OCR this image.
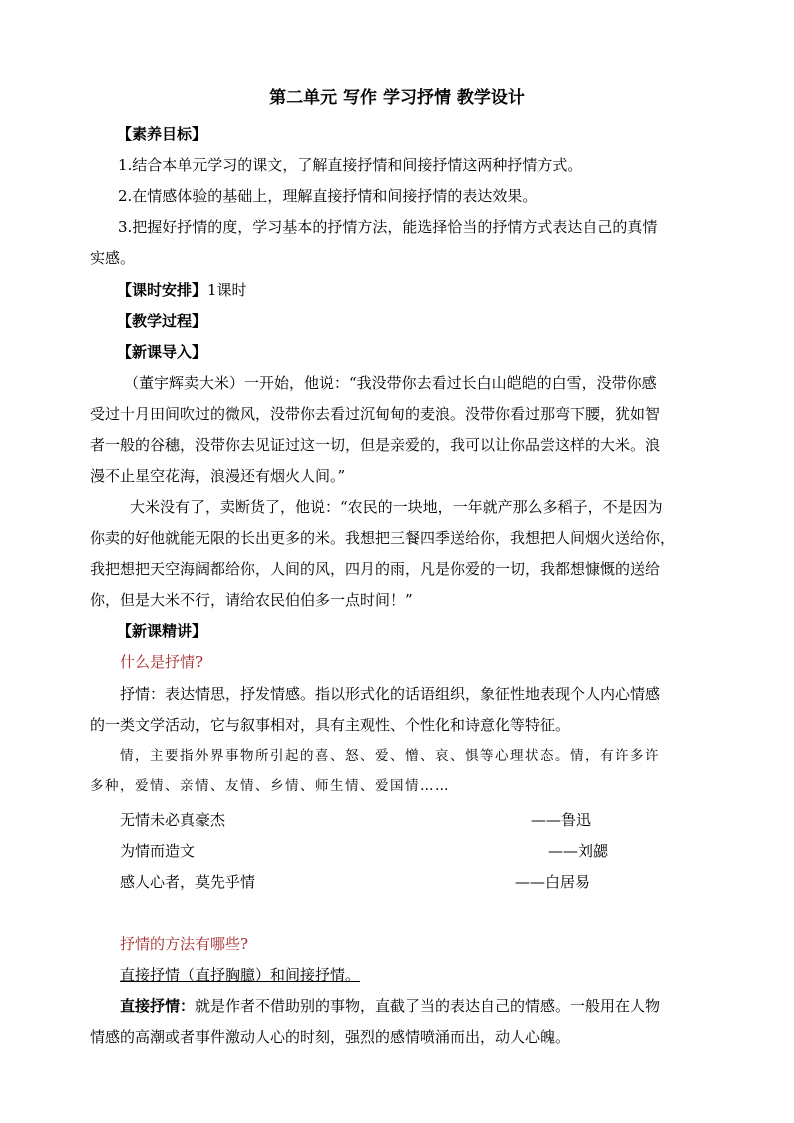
第二单元 写作 学习抒情 教学设计
【素养目标】
1.结合本单元学习的课文，了解直接抒情和间接抒情这两种抒情方式。
2.在情感体验的基础上，理解直接抒情和间接抒情的表达效果。
3.把握好抒情的度，学习基本的抒情方法，能选择恰当的抒情方式表达自己的真情
实感。
【课时安排】1课时
【教学过程】
【新课导入】
（董宇辉卖大米）一开始，他说：“我没带你去看过长白山皑皑的白雪，没带你感
受过十月田间吹过的微风，没带你去看过沉甸甸的麦浪。没带你看过那弯下腰，犹如智
者一般的谷穗，没带你去见证过这一切，但是亲爱的，我可以让你品尝这样的大米。浪
漫不止星空花海，浪漫还有烟火人间。”
大米没有了，卖断货了，他说：“农民的一块地，一年就产那么多稻子，不是因为
你卖的好他就能无限的长出更多的米。我想把三餐四季送给你，我想把人间烟火送给你，
我把想把天空海阔都给你，人间的风，四月的雨，凡是你爱的一切，我都想慷慨的送给
你，但是大米不行，请给农民伯伯多一点时间！”
【新课精讲】
什么是抒情?
抒情：表达情思，抒发情感。指以形式化的话语组织，象征性地表现个人内心情感
的一类文学活动，它与叙事相对，具有主观性、个性化和诗意化等特征。
情，主要指外界事物所引起的喜、怒、爱、憎、哀、惧等心理状态。情，有许多许
多种，爱情、亲情、友情、乡情、师生情、爱国情……
无情未必真豪杰	——鲁迅
为情而造文	——刘勰
感人心者，莫先乎情	——白居易
抒情的方法有哪些?
直接抒情（直抒胸臆）和间接抒情。
直接抒情：就是作者不借助别的事物，直截了当的表达自己的情感。一般用在人物
情感的高潮或者事件激动人心的时刻，强烈的感情喷涌而出，动人心魄。
